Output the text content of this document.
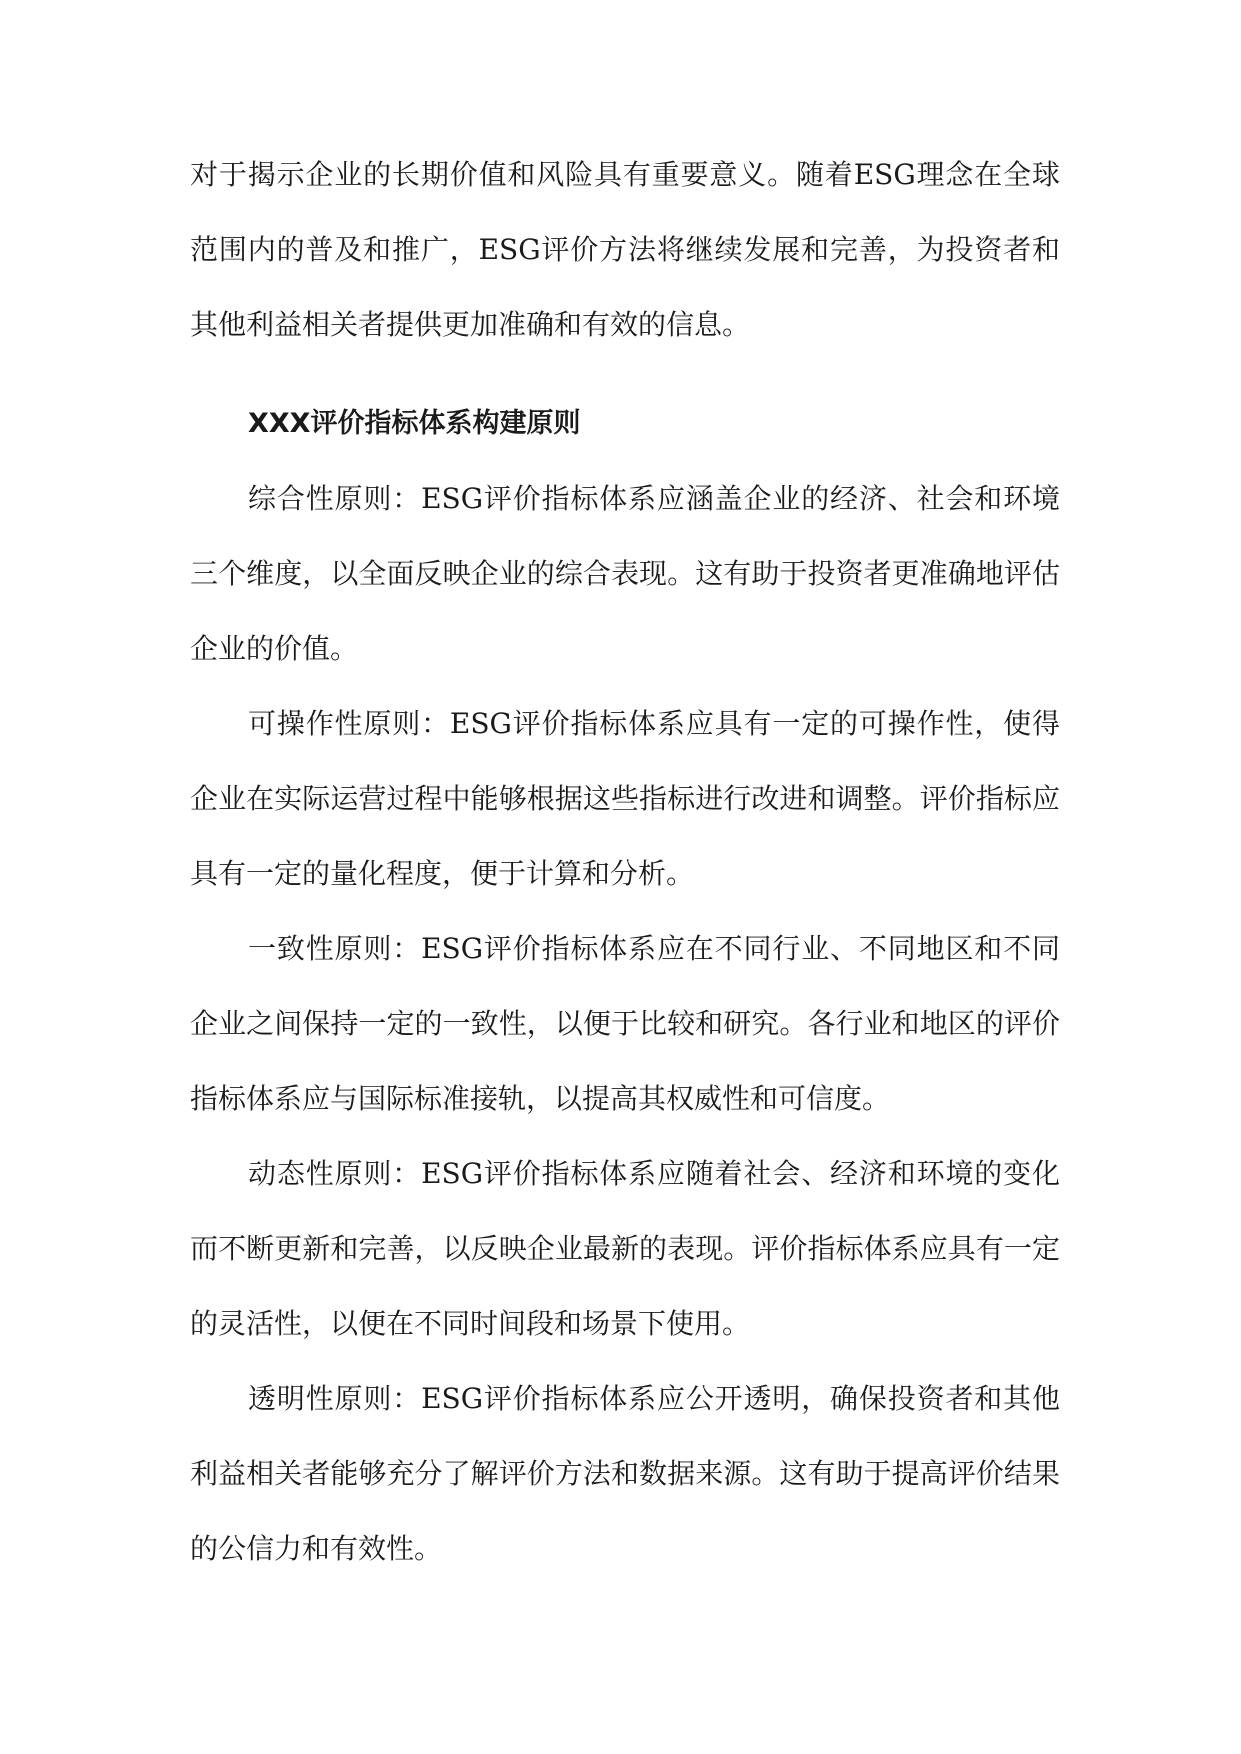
对于揭示企业的长期价值和风险具有重要意义。随着ESG理念在全球范围内的普及和推广，ESG评价方法将继续发展和完善，为投资者和其他利益相关者提供更加准确和有效的信息。

XXX评价指标体系构建原则

综合性原则：ESG评价指标体系应涵盖企业的经济、社会和环境三个维度，以全面反映企业的综合表现。这有助于投资者更准确地评估企业的价值。

可操作性原则：ESG评价指标体系应具有一定的可操作性，使得企业在实际运营过程中能够根据这些指标进行改进和调整。评价指标应具有一定的量化程度，便于计算和分析。

一致性原则：ESG评价指标体系应在不同行业、不同地区和不同企业之间保持一定的一致性，以便于比较和研究。各行业和地区的评价指标体系应与国际标准接轨，以提高其权威性和可信度。

动态性原则：ESG评价指标体系应随着社会、经济和环境的变化而不断更新和完善，以反映企业最新的表现。评价指标体系应具有一定的灵活性，以便在不同时间段和场景下使用。

透明性原则：ESG评价指标体系应公开透明，确保投资者和其他利益相关者能够充分了解评价方法和数据来源。这有助于提高评价结果的公信力和有效性。
